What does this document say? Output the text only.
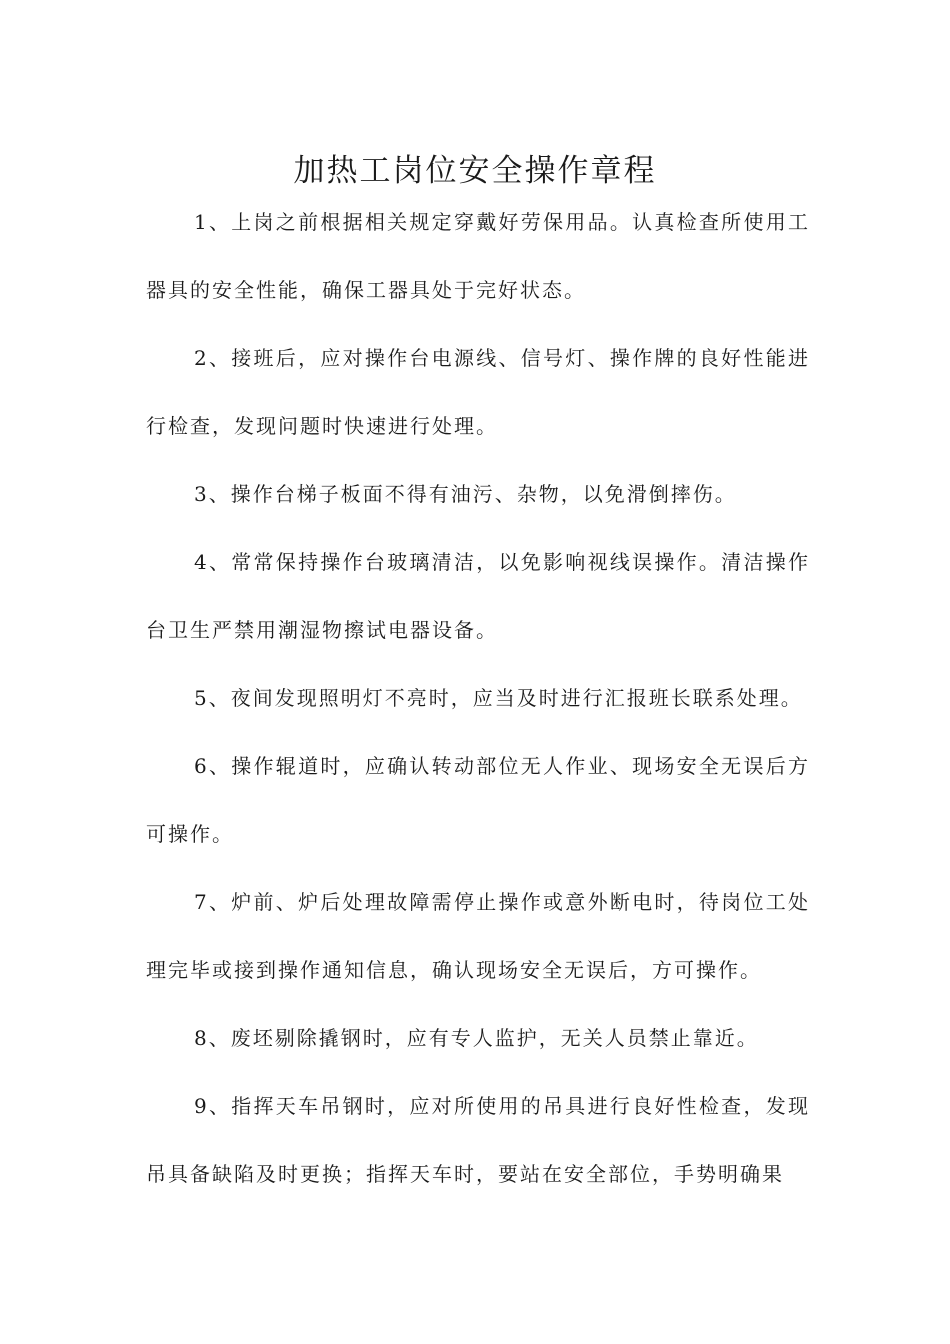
加热工岗位安全操作章程

1、上岗之前根据相关规定穿戴好劳保用品。认真检查所使用工器具的安全性能，确保工器具处于完好状态。

2、接班后，应对操作台电源线、信号灯、操作牌的良好性能进行检查，发现问题时快速进行处理。

3、操作台梯子板面不得有油污、杂物，以免滑倒摔伤。

4、常常保持操作台玻璃清洁，以免影响视线误操作。清洁操作台卫生严禁用潮湿物擦试电器设备。

5、夜间发现照明灯不亮时，应当及时进行汇报班长联系处理。

6、操作辊道时，应确认转动部位无人作业、现场安全无误后方可操作。

7、炉前、炉后处理故障需停止操作或意外断电时，待岗位工处理完毕或接到操作通知信息，确认现场安全无误后，方可操作。

8、废坯剔除撬钢时，应有专人监护，无关人员禁止靠近。

9、指挥天车吊钢时，应对所使用的吊具进行良好性检查，发现吊具备缺陷及时更换；指挥天车时，要站在安全部位，手势明确果
